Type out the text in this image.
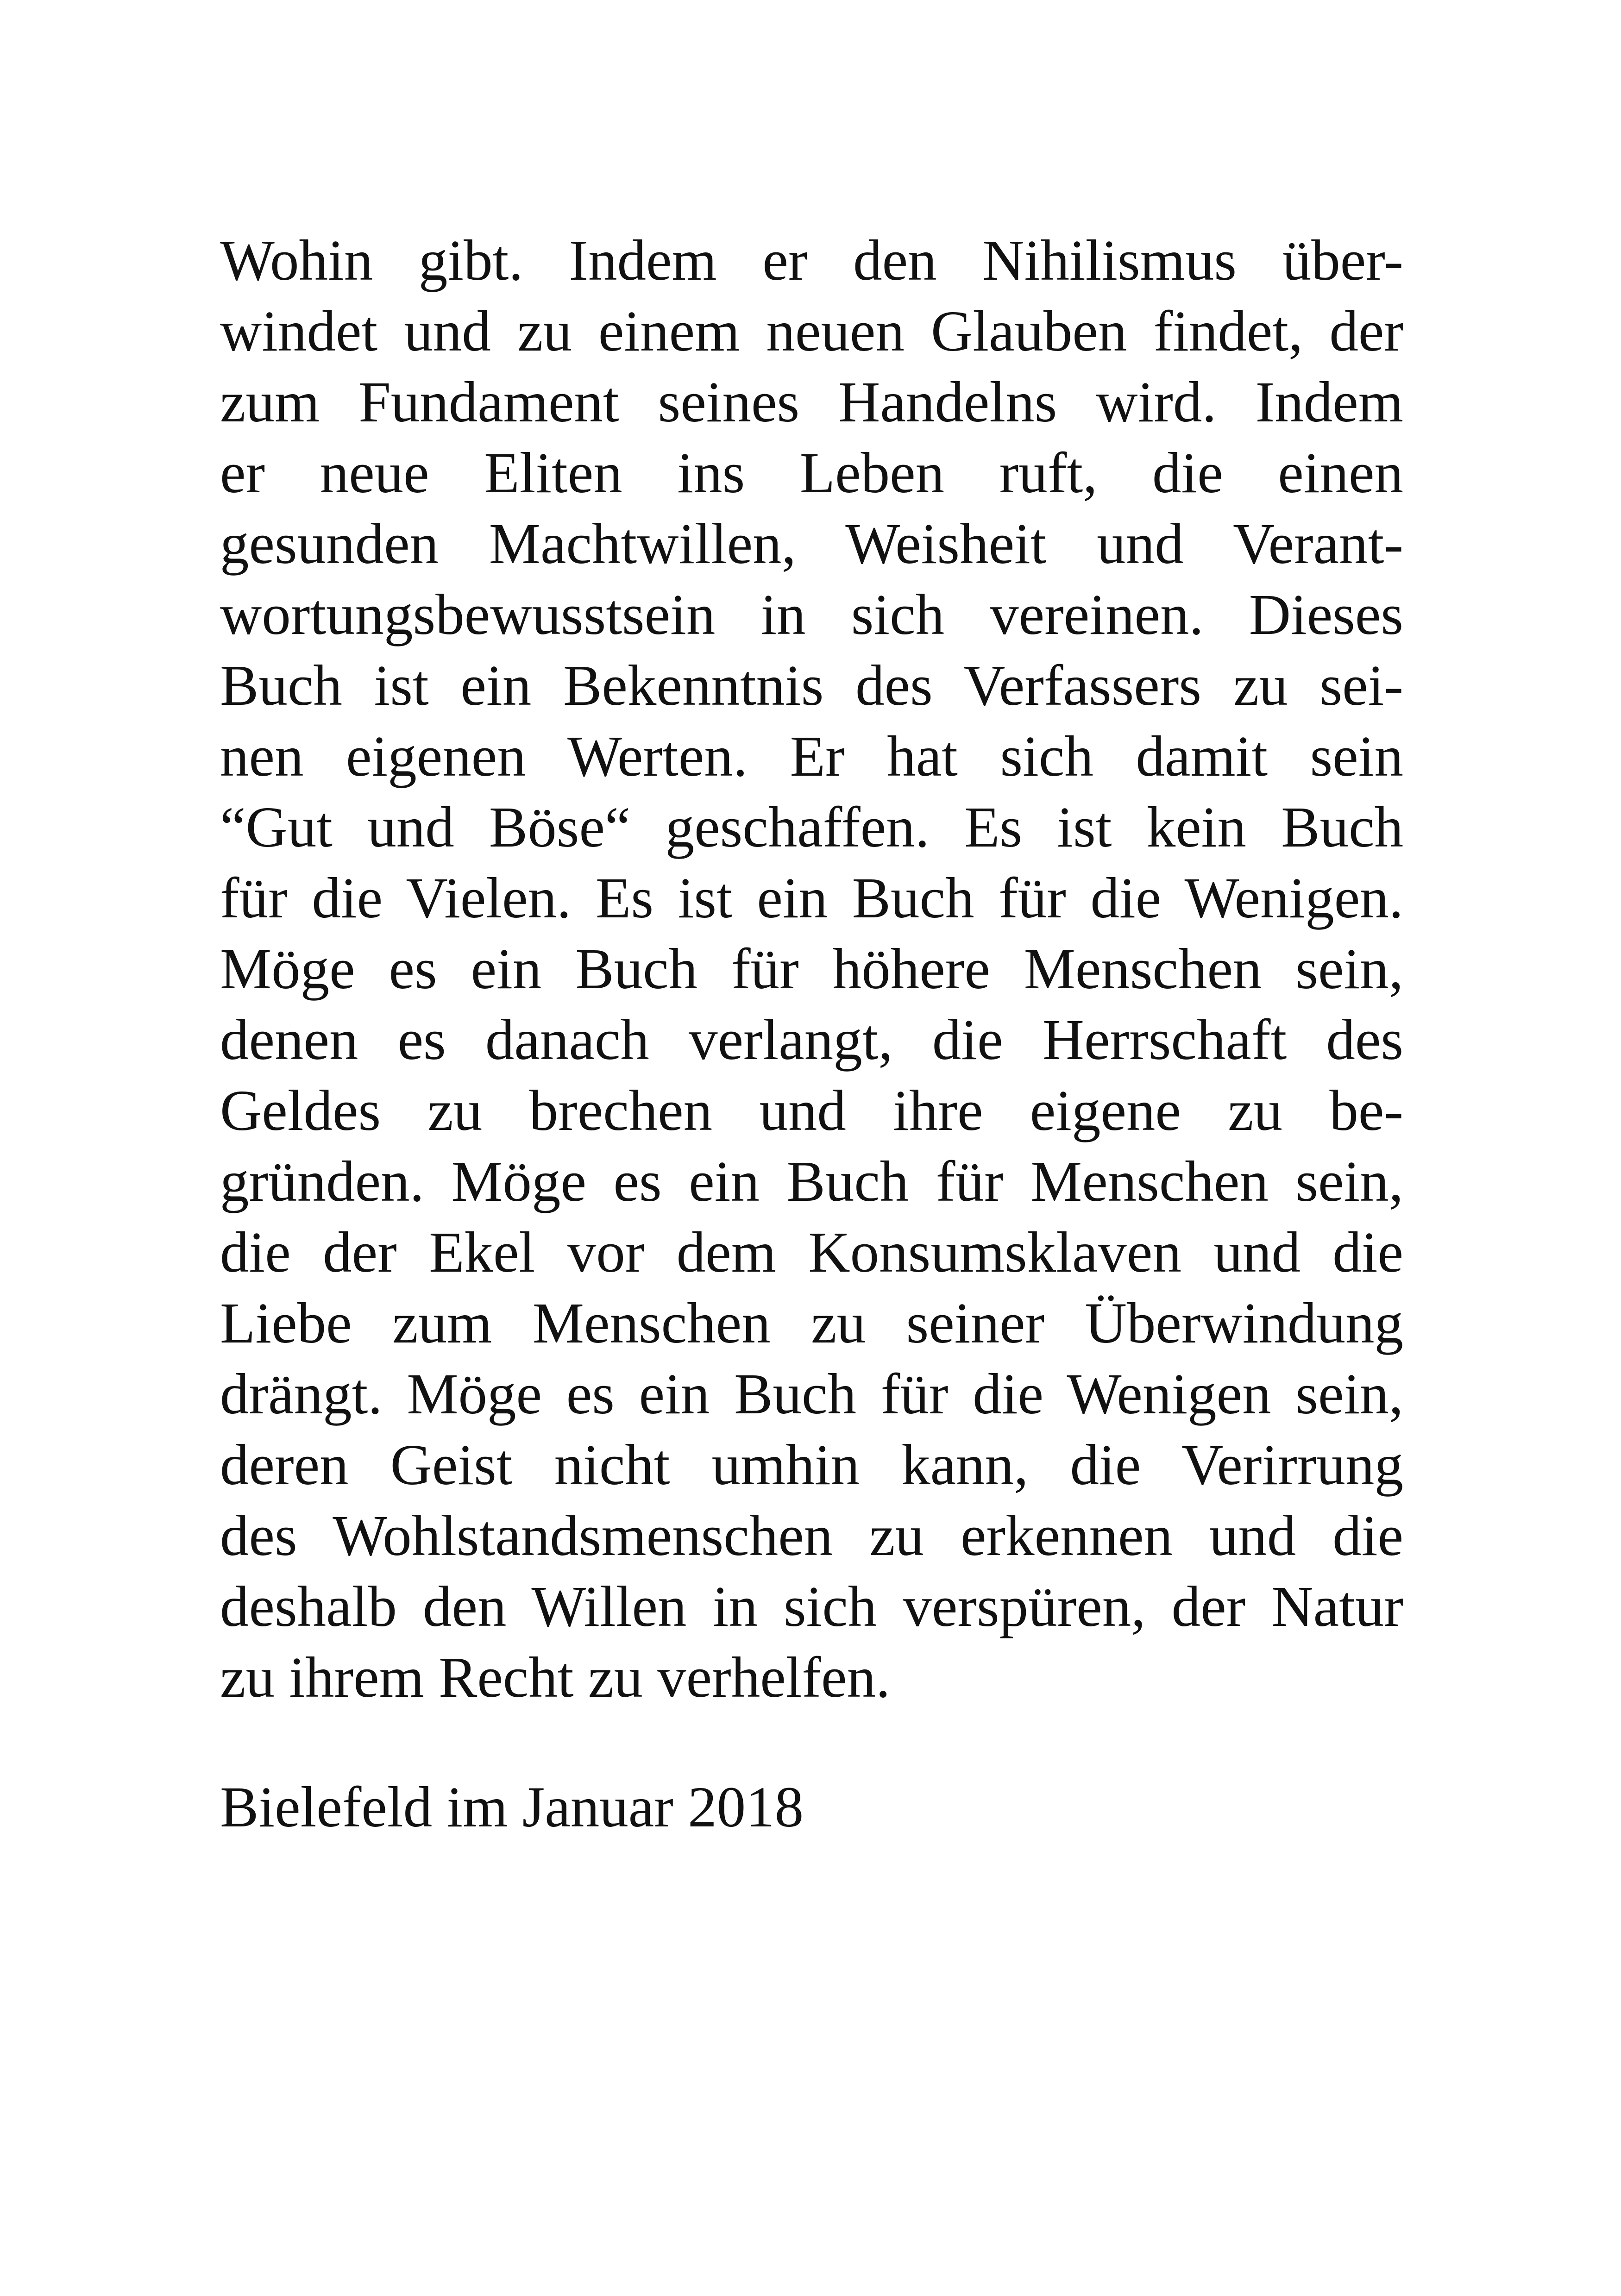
Wohin gibt. Indem er den Nihilismus über-
windet und zu einem neuen Glauben findet, der
zum Fundament seines Handelns wird. Indem
er neue Eliten ins Leben ruft, die einen
gesunden Machtwillen, Weisheit und Verant-
wortungsbewusstsein in sich vereinen. Dieses
Buch ist ein Bekenntnis des Verfassers zu sei-
nen eigenen Werten. Er hat sich damit sein
“Gut und Böse“ geschaffen. Es ist kein Buch
für die Vielen. Es ist ein Buch für die Wenigen.
Möge es ein Buch für höhere Menschen sein,
denen es danach verlangt, die Herrschaft des
Geldes zu brechen und ihre eigene zu be-
gründen. Möge es ein Buch für Menschen sein,
die der Ekel vor dem Konsumsklaven und die
Liebe zum Menschen zu seiner Überwindung
drängt. Möge es ein Buch für die Wenigen sein,
deren Geist nicht umhin kann, die Verirrung
des Wohlstandsmenschen zu erkennen und die
deshalb den Willen in sich verspüren, der Natur
zu ihrem Recht zu verhelfen.
Bielefeld im Januar 2018
